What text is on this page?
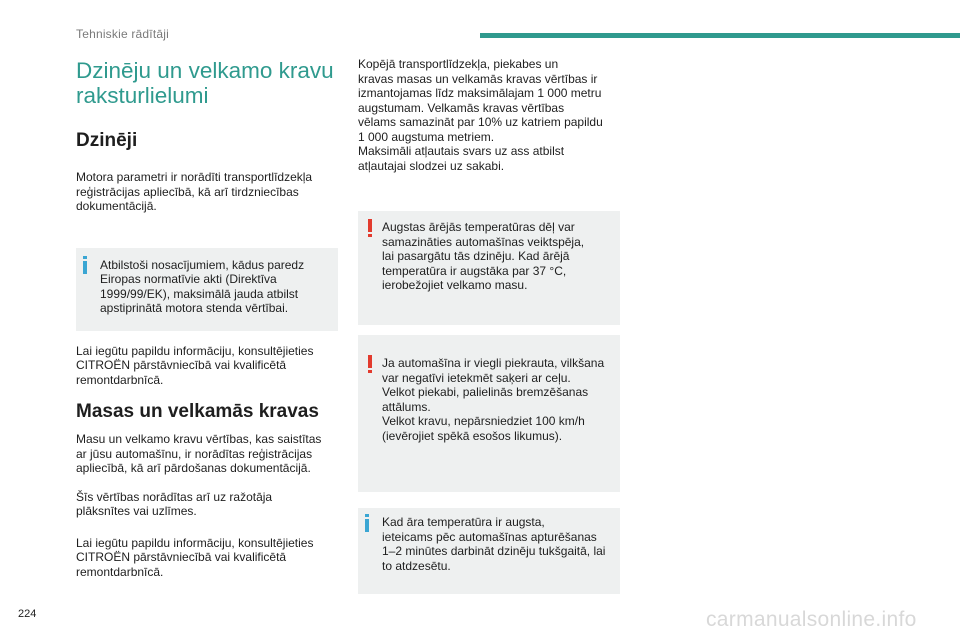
Tehniskie rādītāji
Dzinēju un velkamo kravu
raksturlielumi
Dzinēji

Motora parametri ir norādīti transportlīdzekļa
reģistrācijas apliecībā, kā arī tirdzniecības
dokumentācijā.

Atbilstoši nosacījumiem, kādus paredz
Eiropas normatīvie akti (Direktīva
1999/99/EK), maksimālā jauda atbilst
apstiprinātā motora stenda vērtībai.

Lai iegūtu papildu informāciju, konsultējieties
CITROËN pārstāvniecībā vai kvalificētā
remontdarbnīcā.

Masas un velkamās kravas

Masu un velkamo kravu vērtības, kas saistītas
ar jūsu automašīnu, ir norādītas reģistrācijas
apliecībā, kā arī pārdošanas dokumentācijā.

Šīs vērtības norādītas arī uz ražotāja
plāksnītes vai uzlīmes.

Lai iegūtu papildu informāciju, konsultējieties
CITROËN pārstāvniecībā vai kvalificētā
remontdarbnīcā.

Kopējā transportlīdzekļa, piekabes un
kravas masas un velkamās kravas vērtības ir
izmantojamas līdz maksimālajam 1 000 metru
augstumam. Velkamās kravas vērtības
vēlams samazināt par 10% uz katriem papildu
1 000 augstuma metriem.
Maksimāli atļautais svars uz ass atbilst
atļautajai slodzei uz sakabi.

Augstas ārējās temperatūras dēļ var
samazināties automašīnas veiktspēja,
lai pasargātu tās dzinēju. Kad ārējā
temperatūra ir augstāka par 37 °C,
ierobežojiet velkamo masu.

Ja automašīna ir viegli piekrauta, vilkšana
var negatīvi ietekmēt saķeri ar ceļu.
Velkot piekabi, palielinās bremzēšanas
attālums.
Velkot kravu, nepārsniedziet 100 km/h
(ievērojiet spēkā esošos likumus).

Kad āra temperatūra ir augsta,
ieteicams pēc automašīnas apturēšanas
1–2 minūtes darbināt dzinēju tukšgaitā, lai
to atdzesētu.

224	carmanualsonline.info
